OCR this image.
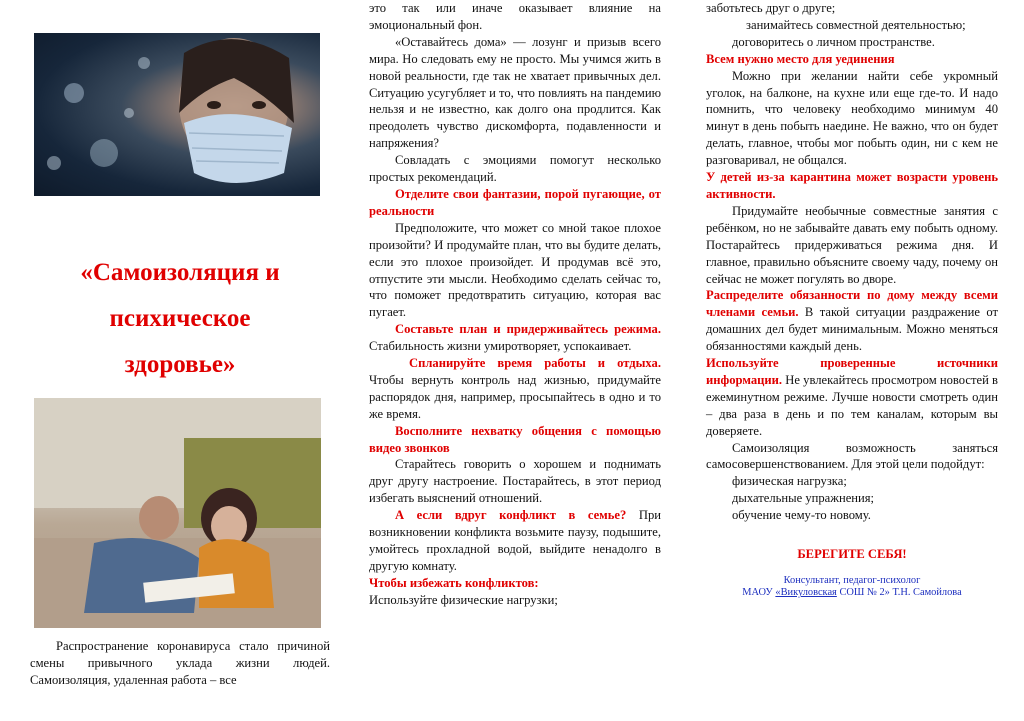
«Самоизоляция и
психическое
здоровье»

Распространение коронавируса стало причиной смены привычного уклада жизни людей. Самоизоляция, удаленная работа – все

это так или иначе оказывает влияние на эмоциональный фон.

«Оставайтесь дома» — лозунг и призыв всего мира. Но следовать ему не просто. Мы учимся жить в новой реальности, где так не хватает привычных дел. Ситуацию усугубляет и то, что повлиять на пандемию нельзя и не известно, как долго она продлится. Как преодолеть чувство дискомфорта, подавленности и напряжения?

Совладать с эмоциями помогут несколько простых рекомендаций.

Отделите свои фантазии, порой пугающие, от реальности

Предположите, что может со мной такое плохое произойти? И продумайте план, что вы будите делать, если это плохое произойдет. И продумав всё это, отпустите эти мысли. Необходимо сделать сейчас то, что поможет предотвратить ситуацию, которая вас пугает.

Составьте план и придерживайтесь режима. Стабильность жизни умиротворяет, успокаивает.

Спланируйте время работы и отдыха. Чтобы вернуть контроль над жизнью, придумайте распорядок дня, например, просыпайтесь в одно и то же время.

Восполните нехватку общения с помощью видео звонков

Старайтесь говорить о хорошем и поднимать друг другу настроение. Постарайтесь, в этот период избегать выяснений отношений.

А если вдруг конфликт в семье? При возникновении конфликта возьмите паузу, подышите, умойтесь прохладной водой, выйдите ненадолго в другую комнату.

Чтобы избежать конфликтов:

Используйте физические нагрузки;

заботьтесь друг о друге;

занимайтесь совместной деятельностью;

договоритесь о личном пространстве.

Всем нужно место для уединения

Можно при желании найти себе укромный уголок, на балконе, на кухне или еще где-то. И надо помнить, что человеку необходимо минимум 40 минут в день побыть наедине. Не важно, что он будет делать, главное, чтобы мог побыть один, ни с кем не разговаривал, не общался.

У детей из-за карантина может возрасти уровень активности.

Придумайте необычные совместные занятия с ребёнком, но не забывайте давать ему побыть одному. Постарайтесь придерживаться режима дня. И главное, правильно объясните своему чаду, почему он сейчас не может погулять во дворе.

Распределите обязанности по дому между всеми членами семьи. В такой ситуации раздражение от домашних дел будет минимальным. Можно меняться обязанностями каждый день.

Используйте проверенные источники информации. Не увлекайтесь просмотром новостей в ежеминутном режиме. Лучше новости смотреть один – два раза в день и по тем каналам, которым вы доверяете.

Самоизоляция возможность заняться самосовершенствованием. Для этой цели подойдут:

физическая нагрузка;

дыхательные упражнения;

обучение чему-то новому.

БЕРЕГИТЕ СЕБЯ!

Консультант, педагог-психолог
МАОУ «Викуловская СОШ № 2» Т.Н. Самойлова
